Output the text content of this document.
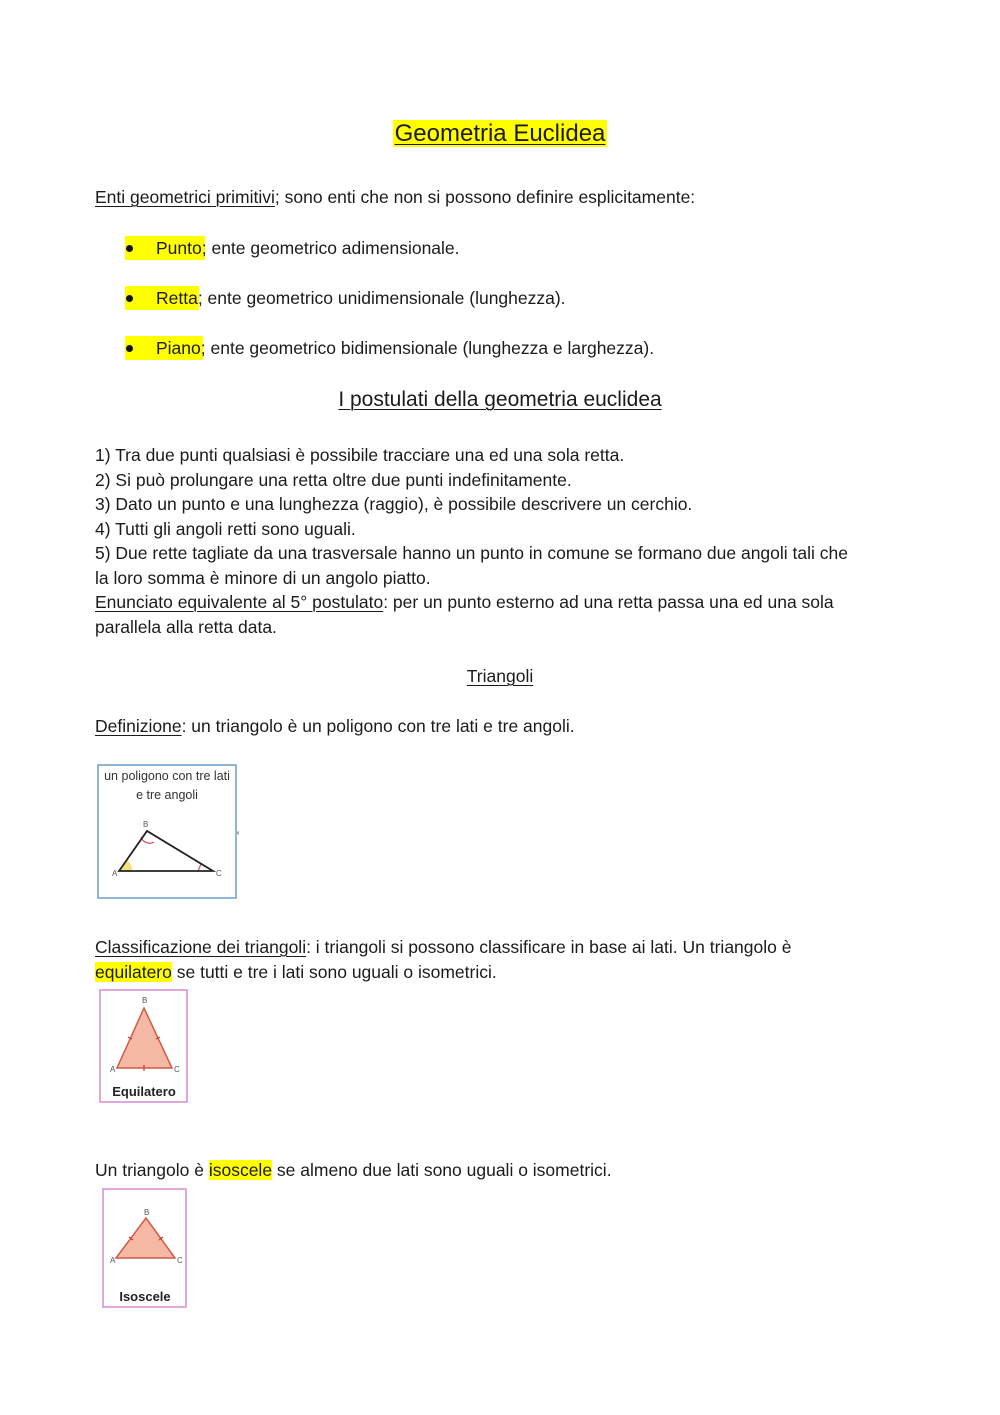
Geometria Euclidea
Enti geometrici primitivi; sono enti che non si possono definire esplicitamente:
Punto; ente geometrico adimensionale.
Retta; ente geometrico unidimensionale (lunghezza).
Piano; ente geometrico bidimensionale (lunghezza e larghezza).
I postulati della geometria euclidea
1) Tra due punti qualsiasi è possibile tracciare una ed una sola retta.
2) Si può prolungare una retta oltre due punti indefinitamente.
3) Dato un punto e una lunghezza (raggio), è possibile descrivere un cerchio.
4) Tutti gli angoli retti sono uguali.
5) Due rette tagliate da una trasversale hanno un punto in comune se formano due angoli tali che
la loro somma è minore di un angolo piatto.
Enunciato equivalente al 5° postulato: per un punto esterno ad una retta passa una ed una sola
parallela alla retta data.
Triangoli
Definizione: un triangolo è un poligono con tre lati e tre angoli.
un poligono con tre lati
e tre angoli
A
B
C
◂
Classificazione dei triangoli: i triangoli si possono classificare in base ai lati. Un triangolo è
equilatero se tutti e tre i lati sono uguali o isometrici.
B
A	C
Equilatero
Un triangolo è isoscele se almeno due lati sono uguali o isometrici.
B
A	C
Isoscele
